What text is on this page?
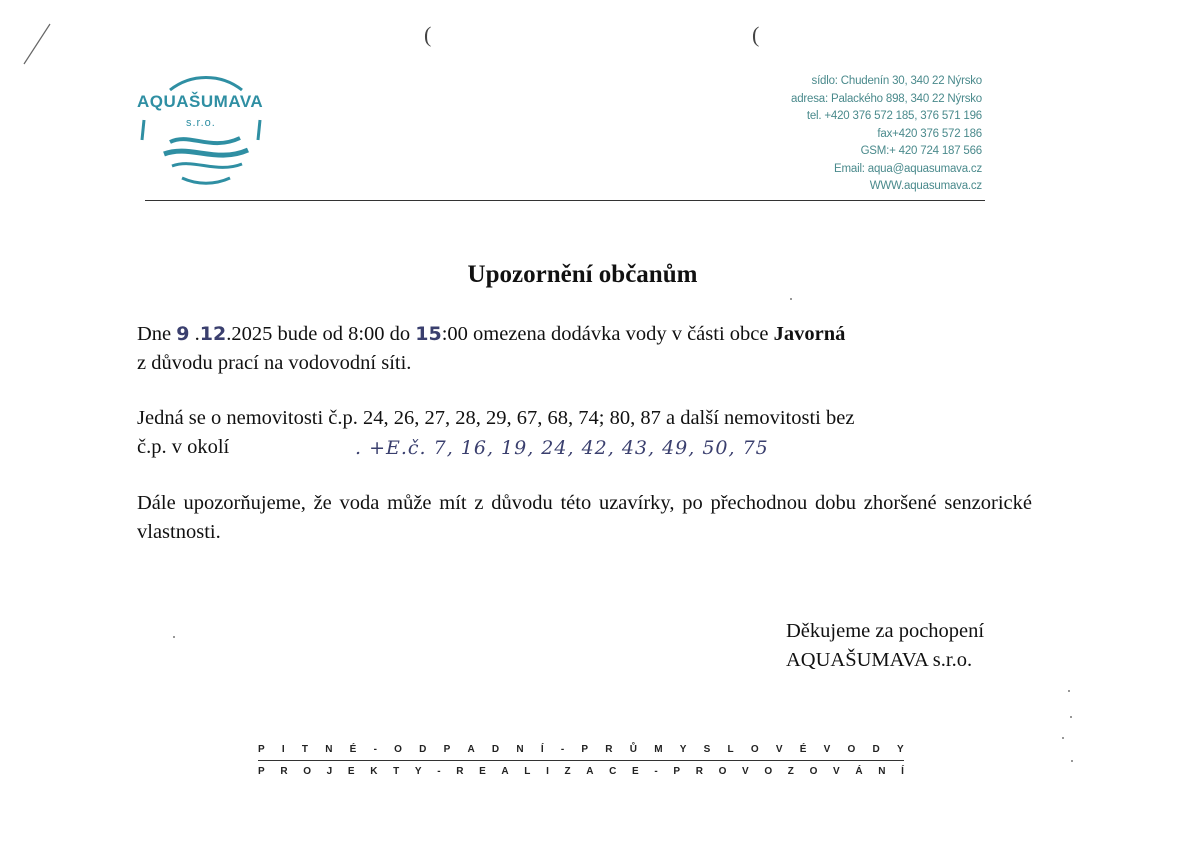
(	(
AQUAŠUMAVA
s.r.o.
sídlo: Chudenín 30, 340 22 Nýrsko
adresa: Palackého 898, 340 22 Nýrsko
tel. +420 376 572 185, 376 571 196
fax+420 376 572 186
GSM:+ 420 724 187 566
Email: aqua@aquasumava.cz
WWW.aquasumava.cz
Upozornění občanům
Dne 9 .12.2025 bude od 8:00 do 15:00 omezena dodávka vody v části obce Javorná
z důvodu prací na vodovodní síti.
Jedná se o nemovitosti č.p. 24, 26, 27, 28, 29, 67, 68, 74; 80, 87 a další nemovitosti bez
č.p. v okolí	. +E.č. 7, 16, 19, 24, 42, 43, 49, 50, 75
Dále upozorňujeme, že voda může mít z důvodu této uzavírky, po přechodnou dobu zhoršené senzorické vlastnosti.
Děkujeme za pochopení
AQUAŠUMAVA s.r.o.
P I T N É - O D P A D N Í - P R Ů M Y S L O V É V O D Y
P R O J E K T Y - R E A L I Z A C E - P R O V O Z O V Á N Í
